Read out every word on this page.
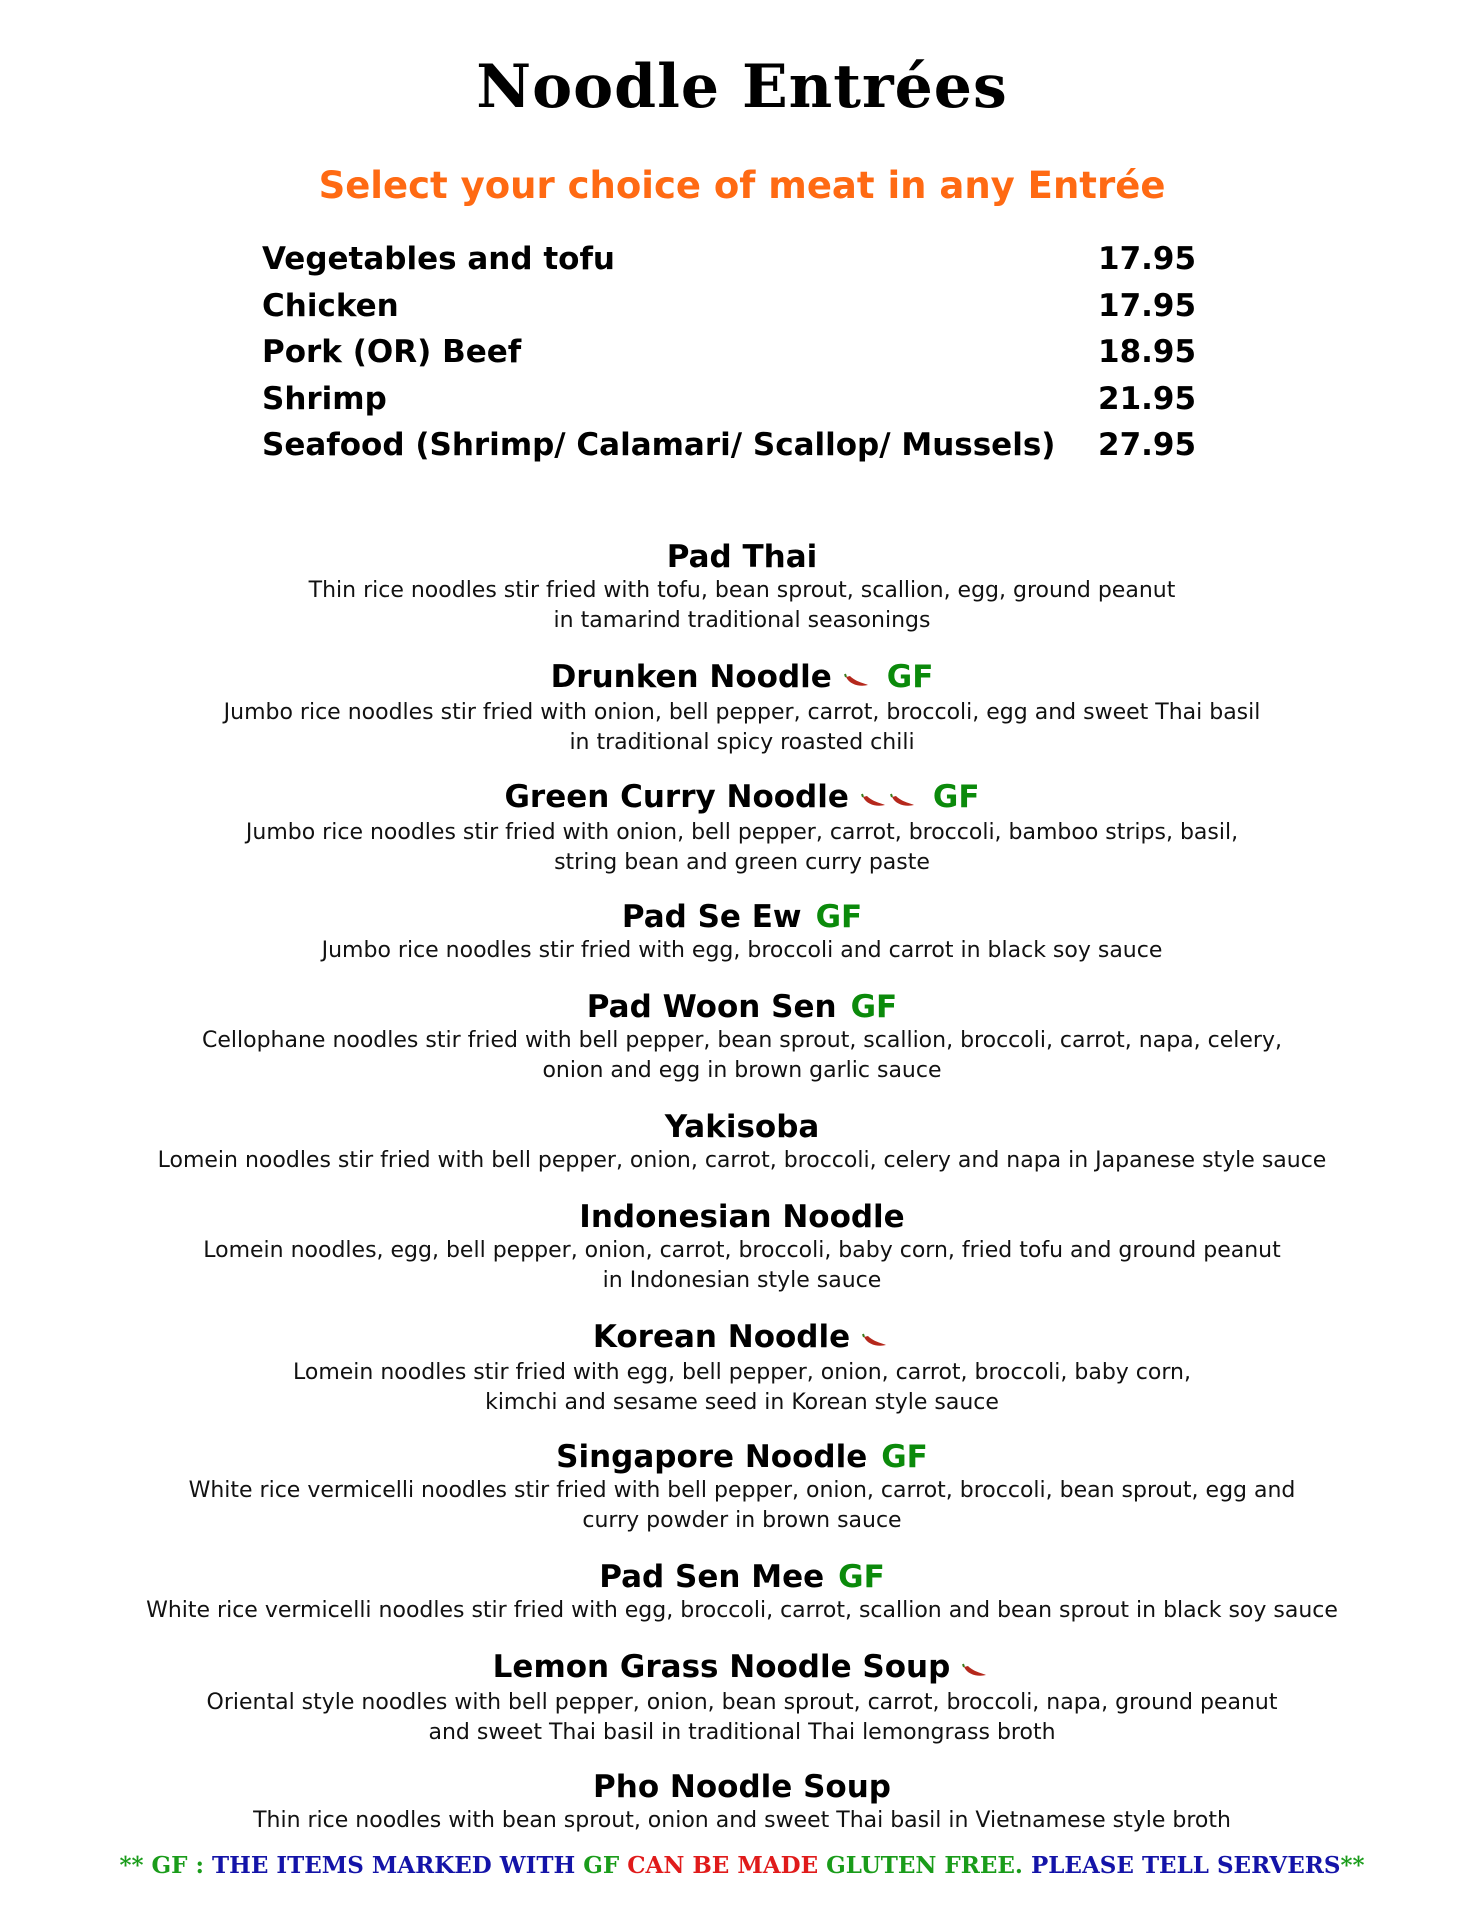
Noodle Entrées
Select your choice of meat in any Entrée
Vegetables and tofu	17.95
Chicken	17.95
Pork (OR) Beef	18.95
Shrimp	21.95
Seafood (Shrimp/ Calamari/ Scallop/ Mussels) 27.95
Pad Thai
Thin rice noodles stir fried with tofu, bean sprout, scallion, egg, ground peanut
in tamarind traditional seasonings
Drunken Noodle GF
Jumbo rice noodles stir fried with onion, bell pepper, carrot, broccoli, egg and sweet Thai basil
in traditional spicy roasted chili
Green Curry Noodle	GF
Jumbo rice noodles stir fried with onion, bell pepper, carrot, broccoli, bamboo strips, basil,
string bean and green curry paste
Pad Se Ew GF
Jumbo rice noodles stir fried with egg, broccoli and carrot in black soy sauce
Pad Woon Sen GF
Cellophane noodles stir fried with bell pepper, bean sprout, scallion, broccoli, carrot, napa, celery,
onion and egg in brown garlic sauce
Yakisoba
Lomein noodles stir fried with bell pepper, onion, carrot, broccoli, celery and napa in Japanese style sauce
Indonesian Noodle
Lomein noodles, egg, bell pepper, onion, carrot, broccoli, baby corn, fried tofu and ground peanut
in Indonesian style sauce
Korean Noodle
Lomein noodles stir fried with egg, bell pepper, onion, carrot, broccoli, baby corn,
kimchi and sesame seed in Korean style sauce
Singapore Noodle GF
White rice vermicelli noodles stir fried with bell pepper, onion, carrot, broccoli, bean sprout, egg and
curry powder in brown sauce
Pad Sen Mee GF
White rice vermicelli noodles stir fried with egg, broccoli, carrot, scallion and bean sprout in black soy sauce
Lemon Grass Noodle Soup
Oriental style noodles with bell pepper, onion, bean sprout, carrot, broccoli, napa, ground peanut
and sweet Thai basil in traditional Thai lemongrass broth
Pho Noodle Soup
Thin rice noodles with bean sprout, onion and sweet Thai basil in Vietnamese style broth
** GF : THE ITEMS MARKED WITH GF CAN BE MADE GLUTEN FREE. PLEASE TELL SERVERS**
